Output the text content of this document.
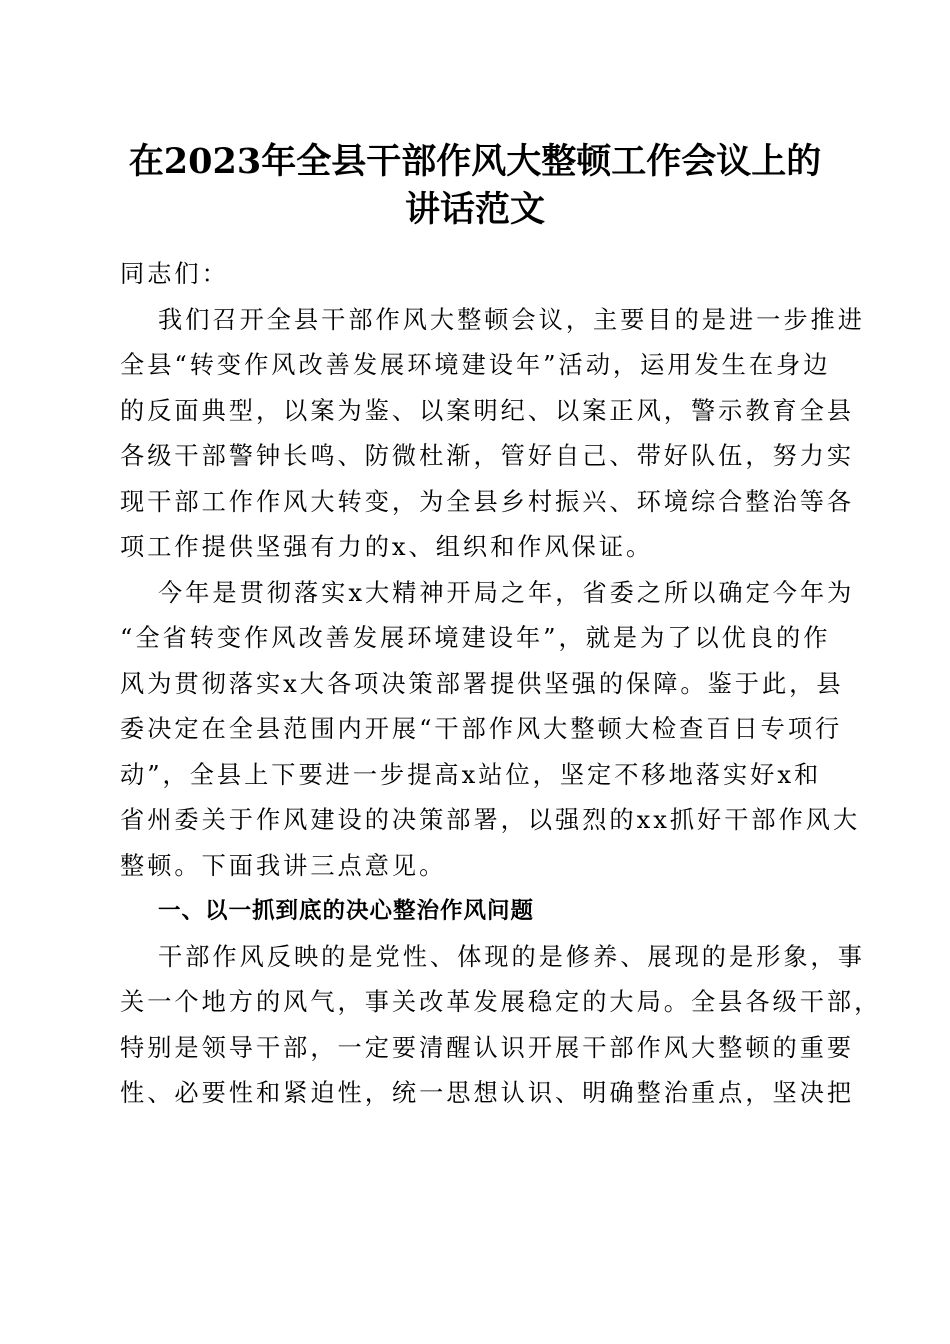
在2023年全县干部作风大整顿工作会议上的
讲话范文
同志们：
我们召开全县干部作风大整顿会议，主要目的是进一步推进
全县“转变作风改善发展环境建设年”活动，运用发生在身边
的反面典型，以案为鉴、以案明纪、以案正风，警示教育全县
各级干部警钟长鸣、防微杜渐，管好自己、带好队伍，努力实
现干部工作作风大转变，为全县乡村振兴、环境综合整治等各
项工作提供坚强有力的x、组织和作风保证。
今年是贯彻落实x大精神开局之年，省委之所以确定今年为
“全省转变作风改善发展环境建设年”，就是为了以优良的作
风为贯彻落实x大各项决策部署提供坚强的保障。鉴于此，县
委决定在全县范围内开展“干部作风大整顿大检查百日专项行
动”，全县上下要进一步提高x站位，坚定不移地落实好x和
省州委关于作风建设的决策部署，以强烈的xx抓好干部作风大
整顿。下面我讲三点意见。
一、以一抓到底的决心整治作风问题
干部作风反映的是党性、体现的是修养、展现的是形象，事
关一个地方的风气，事关改革发展稳定的大局。全县各级干部，
特别是领导干部，一定要清醒认识开展干部作风大整顿的重要
性、必要性和紧迫性，统一思想认识、明确整治重点，坚决把
